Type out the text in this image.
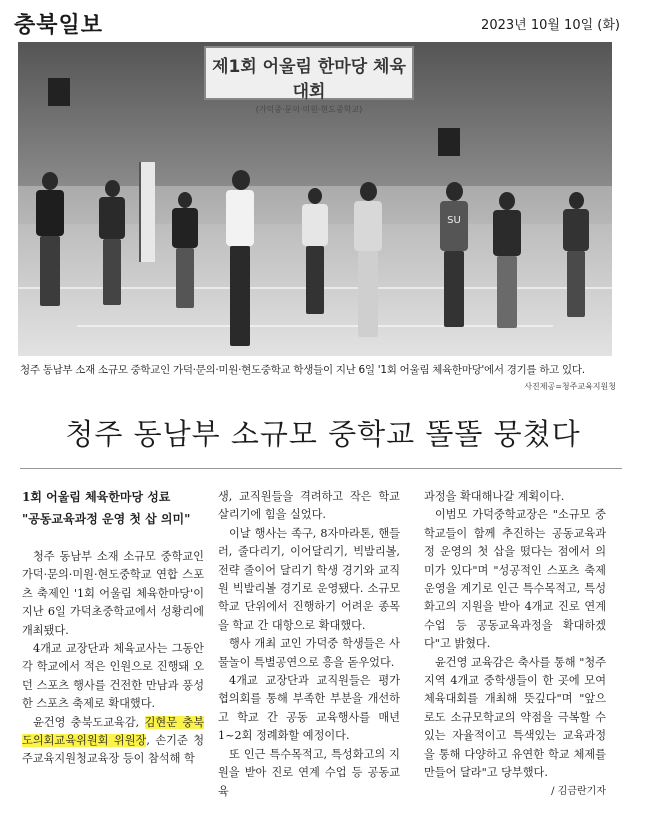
충북일보	2023년 10월 10일 (화)
제1회 어울림 한마당 체육대회
(가덕중·문의·미원·현도중학교)
SU
청주 동남부 소재 소규모 중학교인 가덕·문의·미원·현도중학교 학생들이 지난 6일 '1회 어울림 체육한마당'에서 경기를 하고 있다.
사진제공=청주교육지원청
청주 동남부 소규모 중학교 똘똘 뭉쳤다
1회 어울림 체육한마당 성료
"공동교육과정 운영 첫 삽 의미"

청주 동남부 소재 소규모 중학교인 가덕·문의·미원·현도중학교 연합 스포츠 축제인 '1회 어울림 체육한마당'이 지난 6일 가덕초중학교에서 성황리에 개최됐다.

4개교 교장단과 체육교사는 그동안 각 학교에서 적은 인원으로 진행돼 오던 스포츠 행사를 건전한 만남과 풍성한 스포츠 축제로 확대했다.

윤건영 충북도교육감, 김현문 충북도의회교육위원회 위원장, 손기준 청주교육지원청교육장 등이 참석해 학

생, 교직원들을 격려하고 작은 학교 살리기에 힘을 실었다.

이날 행사는 족구, 8자마라톤, 핸들러, 줄다리기, 이어달리기, 빅발리볼, 전략 줄이어 달리기 학생 경기와 교직원 빅발리볼 경기로 운영됐다. 소규모 학교 단위에서 진행하기 어려운 종목을 학교 간 대항으로 확대했다.

행사 개최 교인 가덕중 학생들은 사물놀이 특별공연으로 흥을 돋우었다.

4개교 교장단과 교직원들은 평가 협의회를 통해 부족한 부분을 개선하고 학교 간 공동 교육행사를 매년 1~2회 정례화할 예정이다.

또 인근 특수목적고, 특성화고의 지원을 받아 진로 연계 수업 등 공동교육

과정을 확대해나갈 계획이다.

이범모 가덕중학교장은 "소규모 중학교들이 함께 추진하는 공동교육과정 운영의 첫 삽을 떴다는 점에서 의미가 있다"며 "성공적인 스포츠 축제 운영을 계기로 인근 특수목적고, 특성화고의 지원을 받아 4개교 진로 연계 수업 등 공동교육과정을 확대하겠다"고 밝혔다.

윤건영 교육감은 축사를 통해 "청주지역 4개교 중학생들이 한 곳에 모여 체육대회를 개최해 뜻깊다"며 "앞으로도 소규모학교의 약점을 극복할 수 있는 자율적이고 특색있는 교육과정을 통해 다양하고 유연한 학교 체제를 만들어 달라"고 당부했다.

/ 김금란기자
